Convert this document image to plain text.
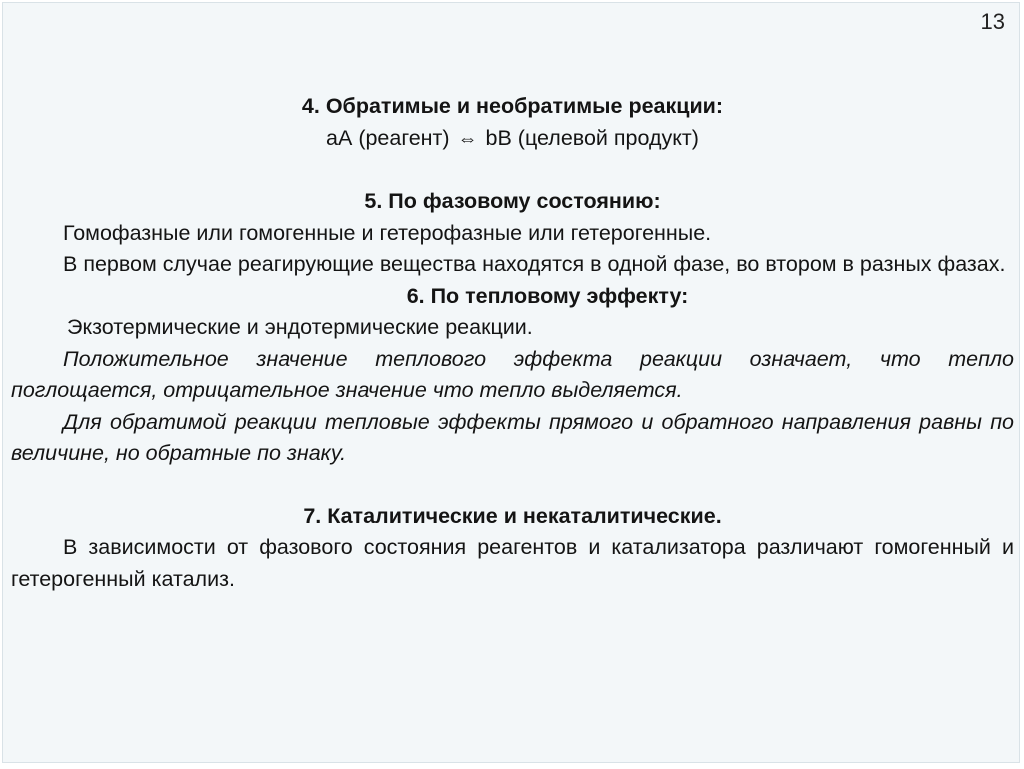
13
4. Обратимые и необратимые реакции:
аА (реагент) ⇔ bB (целевой продукт)
5. По фазовому состоянию:
Гомофазные или гомогенные и гетерофазные или гетерогенные.
В первом случае реагирующие вещества находятся в одной фазе, во втором в разных фазах.
6. По тепловому эффекту:
Экзотермические и эндотермические реакции.
Положительное значение теплового эффекта реакции означает, что тепло поглощается, отрицательное значение что тепло выделяется.
Для обратимой реакции тепловые эффекты прямого и обратного направления равны по величине, но обратные по знаку.
7. Каталитические и некаталитические.
В зависимости от фазового состояния реагентов и катализатора различают гомогенный и гетерогенный катализ.
